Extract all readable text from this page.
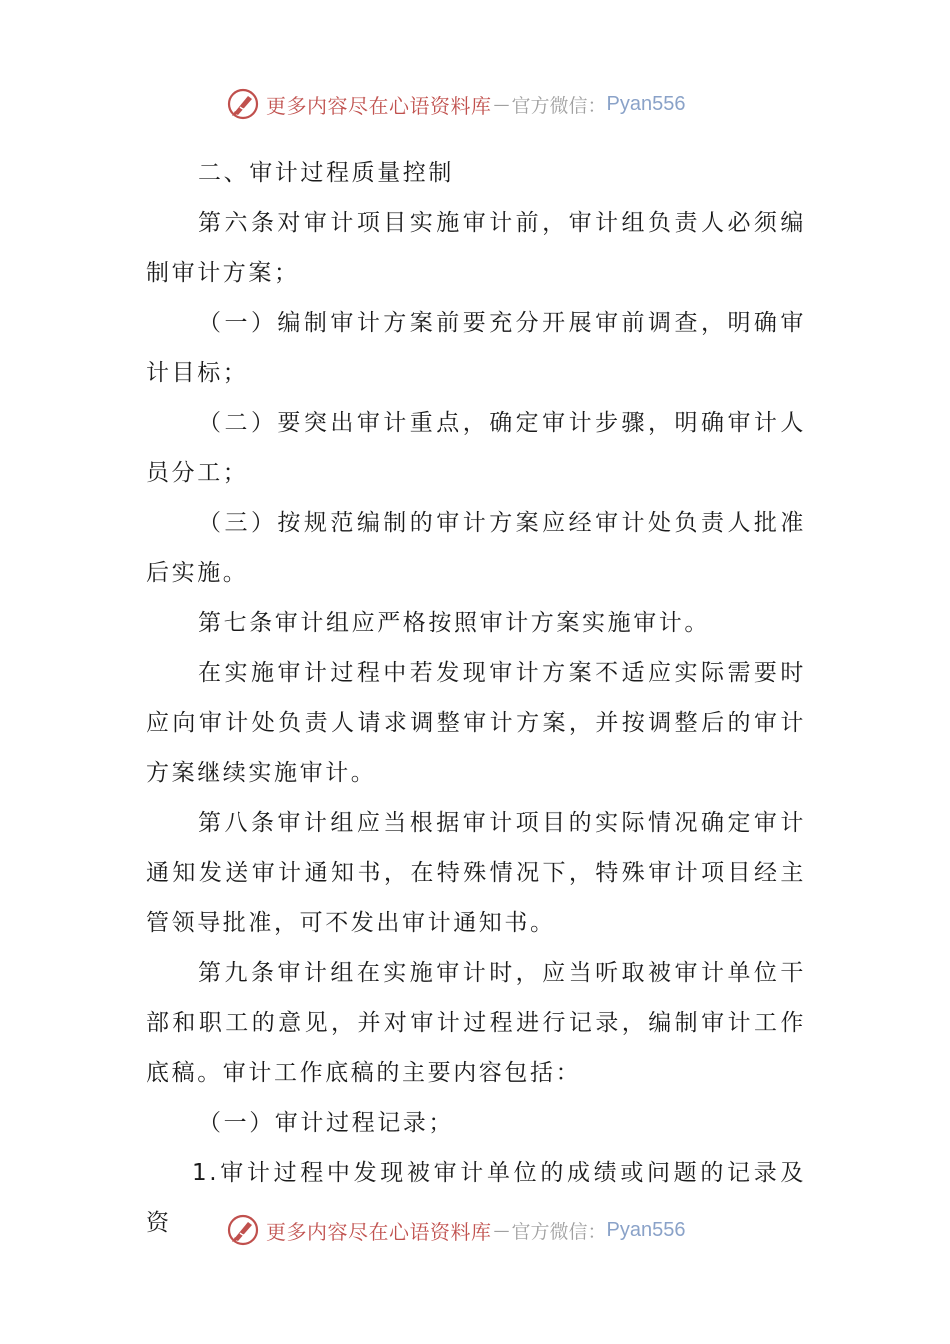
更多内容尽在心语资料库 — 官方微信： Pyan556

二、审计过程质量控制

第六条对审计项目实施审计前，审计组负责人必须编制审计方案；

（一）编制审计方案前要充分开展审前调查，明确审计目标；

（二）要突出审计重点，确定审计步骤，明确审计人员分工；

（三）按规范编制的审计方案应经审计处负责人批准后实施。

第七条审计组应严格按照审计方案实施审计。

在实施审计过程中若发现审计方案不适应实际需要时应向审计处负责人请求调整审计方案，并按调整后的审计方案继续实施审计。

第八条审计组应当根据审计项目的实际情况确定审计通知发送审计通知书，在特殊情况下，特殊审计项目经主管领导批准，可不发出审计通知书。

第九条审计组在实施审计时，应当听取被审计单位干部和职工的意见，并对审计过程进行记录，编制审计工作底稿。审计工作底稿的主要内容包括：

（一）审计过程记录；

1.审计过程中发现被审计单位的成绩或问题的记录及资	更多内容尽在心语资料库 — 官方微信： Pyan556
